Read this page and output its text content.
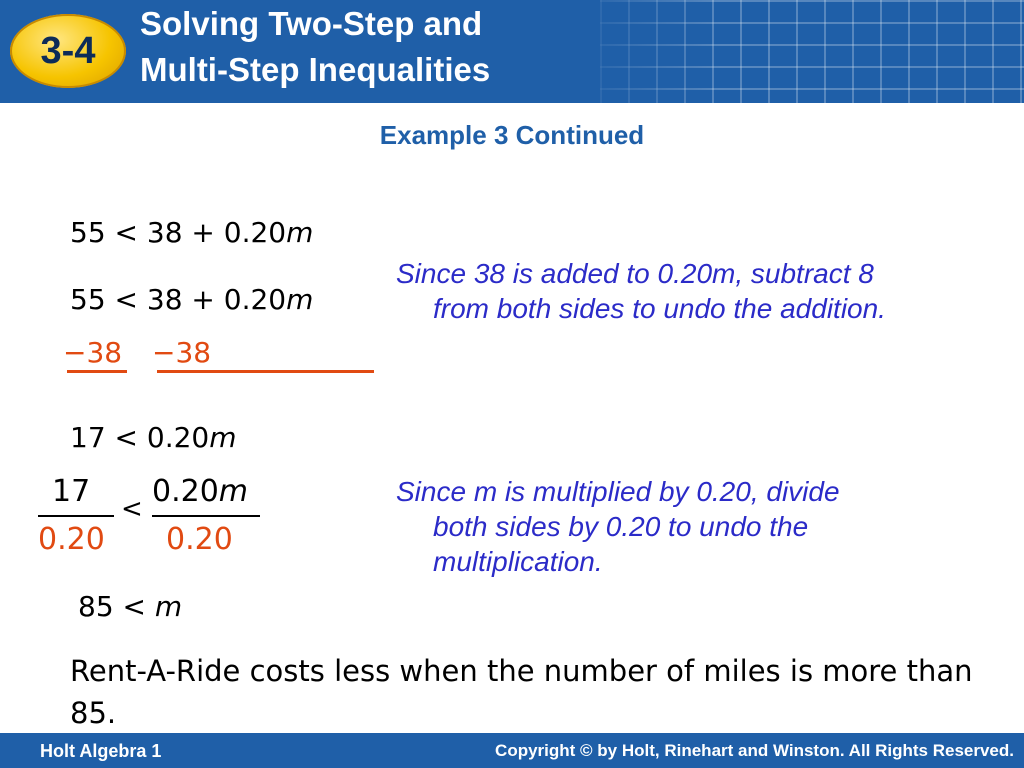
3-4
Solving Two-Step and
Multi-Step Inequalities
Example 3 Continued
55 < 38 + 0.20m
55 < 38 + 0.20m
−38 −38
Since 38 is added to 0.20m, subtract 8
from both sides to undo the addition.
17 < 0.20m
17
0.20
< 0.20m
0.20
Since m is multiplied by 0.20, divide
both sides by 0.20 to undo the
multiplication.
85 < m
Rent-A-Ride costs less when the number of miles is more than 85.
Holt Algebra 1	Copyright © by Holt, Rinehart and Winston. All Rights Reserved.
